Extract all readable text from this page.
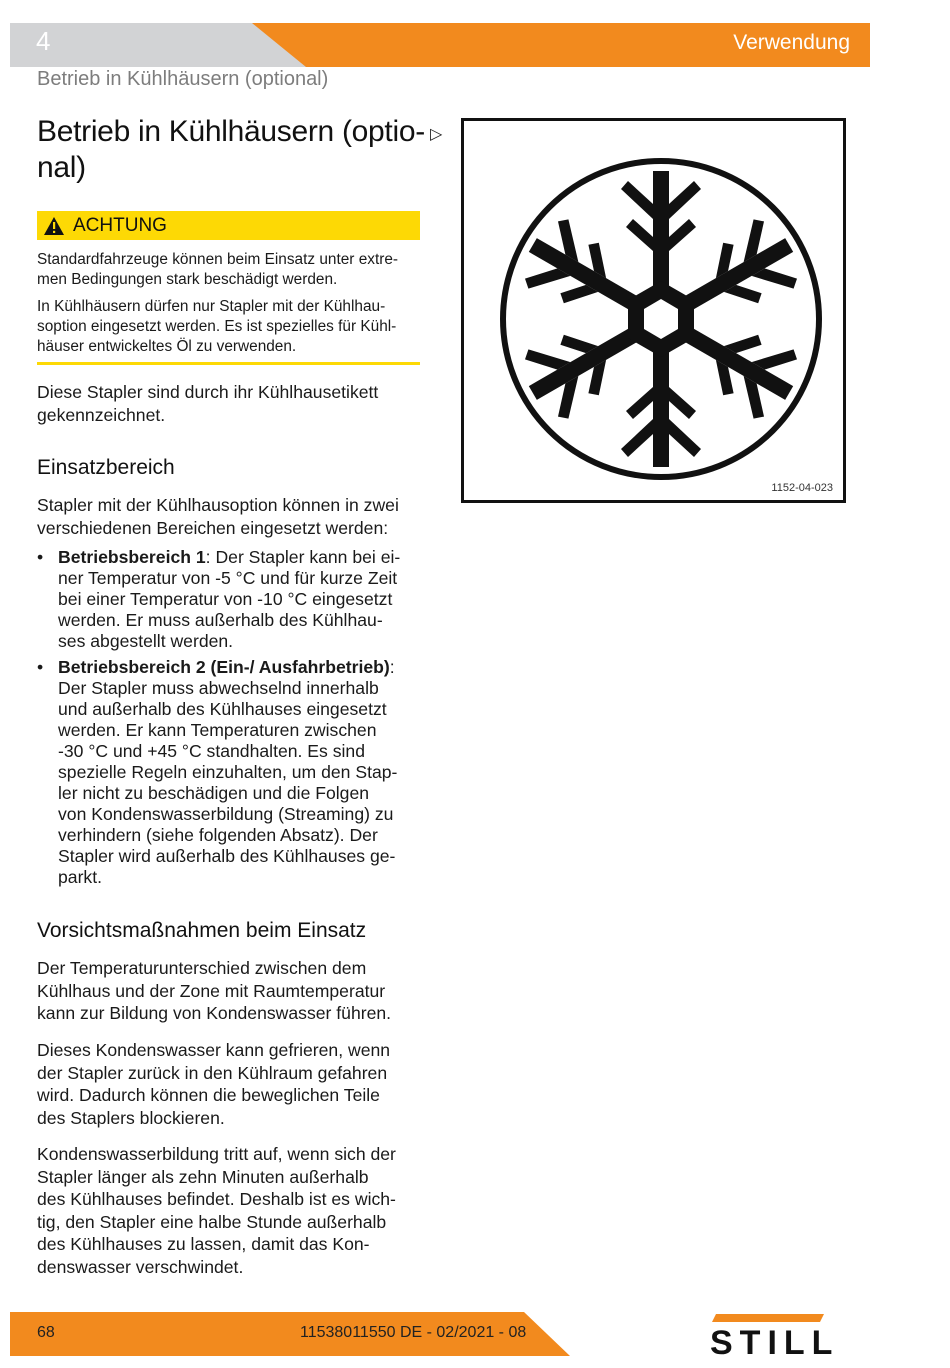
4	Verwendung
Betrieb in Kühlhäusern (optional)
Betrieb in Kühlhäusern (optio-
nal)
▷
ACHTUNG

Standardfahrzeuge können beim Einsatz unter extre-
men Bedingungen stark beschädigt werden.

In Kühlhäusern dürfen nur Stapler mit der Kühlhau-
soption eingesetzt werden. Es ist spezielles für Kühl-
häuser entwickeltes Öl zu verwenden.

Diese Stapler sind durch ihr Kühlhausetikett
gekennzeichnet.

Einsatzbereich

Stapler mit der Kühlhausoption können in zwei
verschiedenen Bereichen eingesetzt werden:

• Betriebsbereich 1: Der Stapler kann bei ei-
ner Temperatur von -5 °C und für kurze Zeit
bei einer Temperatur von -10 °C eingesetzt
werden. Er muss außerhalb des Kühlhau-
ses abgestellt werden.
• Betriebsbereich 2 (Ein-/ Ausfahrbetrieb):
Der Stapler muss abwechselnd innerhalb
und außerhalb des Kühlhauses eingesetzt
werden. Er kann Temperaturen zwischen
-30 °C und +45 °C standhalten. Es sind
spezielle Regeln einzuhalten, um den Stap-
ler nicht zu beschädigen und die Folgen
von Kondenswasserbildung (Streaming) zu
verhindern (siehe folgenden Absatz). Der
Stapler wird außerhalb des Kühlhauses ge-
parkt.
Vorsichtsmaßnahmen beim Einsatz

Der Temperaturunterschied zwischen dem
Kühlhaus und der Zone mit Raumtemperatur
kann zur Bildung von Kondenswasser führen.

Dieses Kondenswasser kann gefrieren, wenn
der Stapler zurück in den Kühlraum gefahren
wird. Dadurch können die beweglichen Teile
des Staplers blockieren.

Kondenswasserbildung tritt auf, wenn sich der
Stapler länger als zehn Minuten außerhalb
des Kühlhauses befindet. Deshalb ist es wich-
tig, den Stapler eine halbe Stunde außerhalb
des Kühlhauses zu lassen, damit das Kon-
denswasser verschwindet.

1152-04-023
68	11538011550 DE - 02/2021 - 08	STILL
